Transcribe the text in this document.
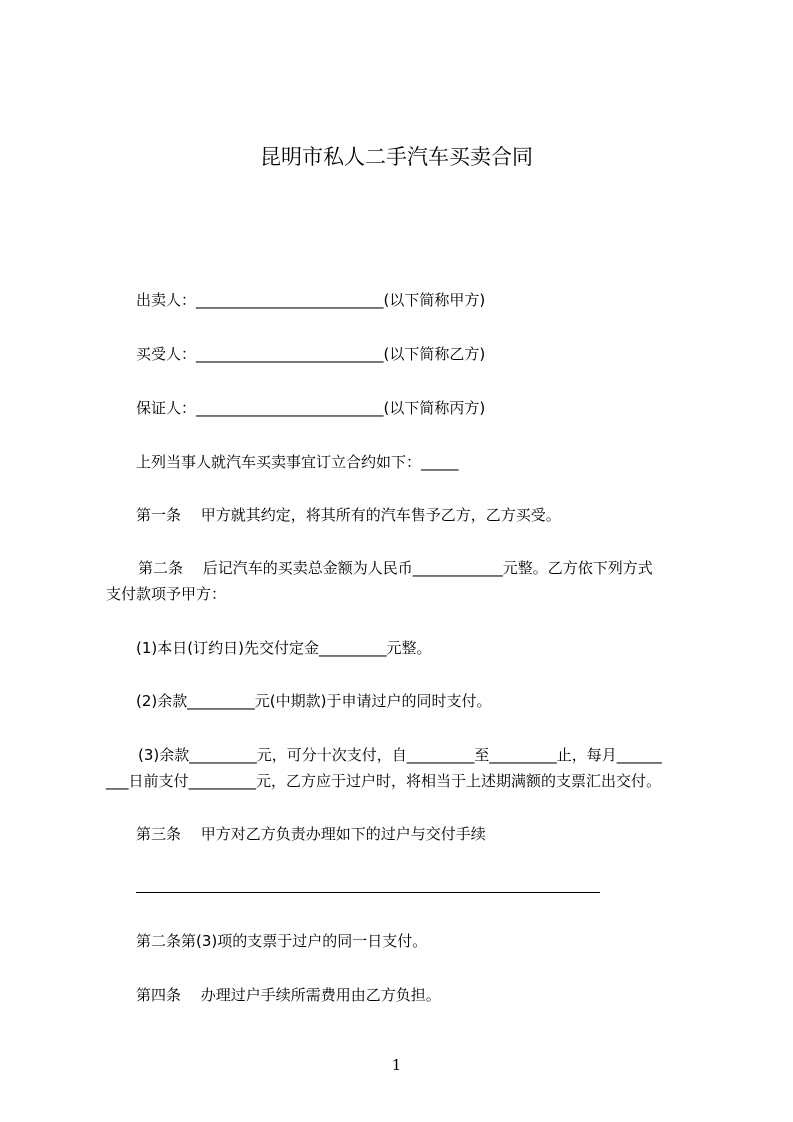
昆明市私人二手汽车买卖合同

出卖人：_________________________(以下简称甲方)

买受人：_________________________(以下简称乙方)

保证人：_________________________(以下简称丙方)

上列当事人就汽车买卖事宜订立合约如下：_____

第一条　 甲方就其约定，将其所有的汽车售予乙方，乙方买受。

第二条　 后记汽车的买卖总金额为人民币____________元整。乙方依下列方式

支付款项予甲方：

(1)本日(订约日)先交付定金_________元整。

(2)余款_________元(中期款)于申请过户的同时支付。

(3)余款_________元，可分十次支付，自_________至_________止，每月______

___日前支付_________元，乙方应于过户时，将相当于上述期满额的支票汇出交付。

第三条　 甲方对乙方负责办理如下的过户与交付手续

第二条第(3)项的支票于过户的同一日支付。

第四条　 办理过户手续所需费用由乙方负担。

1
